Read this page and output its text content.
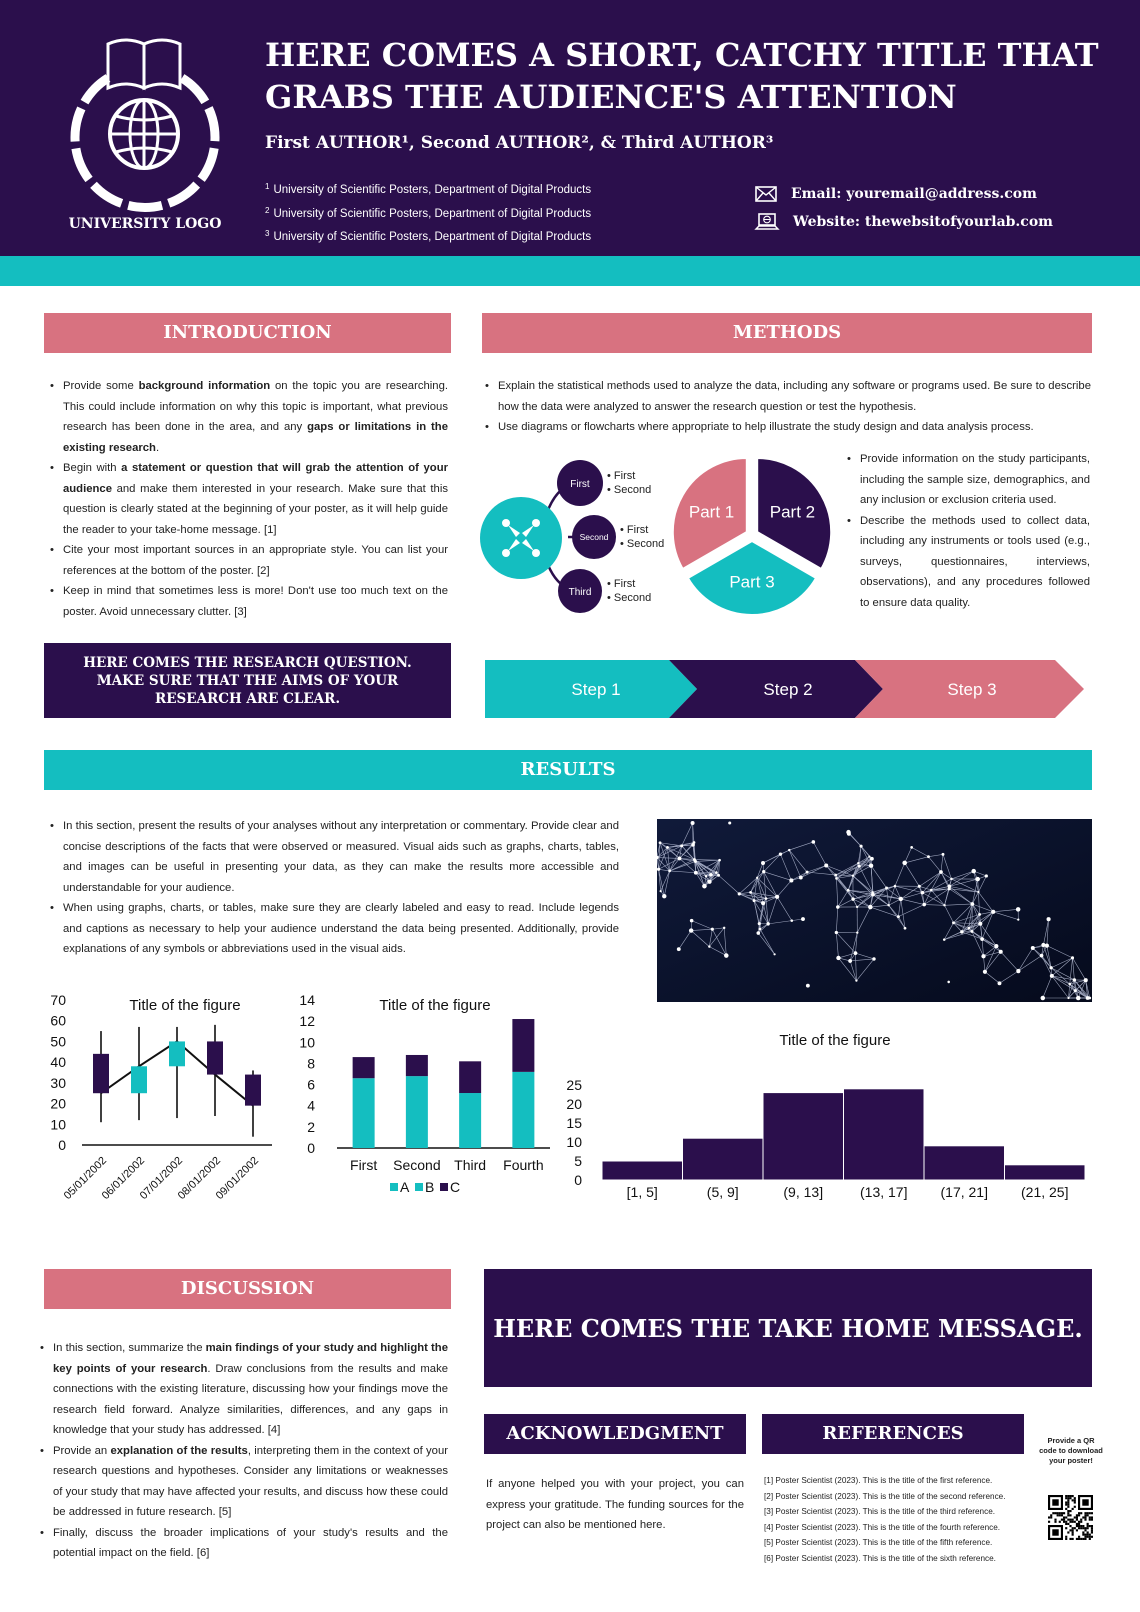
UNIVERSITY LOGO
HERE COMES A SHORT, CATCHY TITLE THAT GRABS THE AUDIENCE'S ATTENTION
First AUTHOR¹, Second AUTHOR², & Third AUTHOR³
$^1$ University of Scientific Posters, Department of Digital Products
$^2$ University of Scientific Posters, Department of Digital Products
$^3$ University of Scientific Posters, Department of Digital Products
Email: youremail@address.com
Website: thewebsitofyourlab.com
INTRODUCTION
• Provide some background information on the topic you are researching. This could include information on why this topic is important, what previous research has been done in the area, and any gaps or limitations in the existing research.
• Begin with a statement or question that will grab the attention of your audience and make them interested in your research. Make sure that this question is clearly stated at the beginning of your poster, as it will help guide the reader to your take-home message. [1]
• Cite your most important sources in an appropriate style. You can list your references at the bottom of the poster. [2]
• Keep in mind that sometimes less is more! Don't use too much text on the poster. Avoid unnecessary clutter. [3]
HERE COMES THE RESEARCH QUESTION. MAKE SURE THAT THE AIMS OF YOUR RESEARCH ARE CLEAR.
METHODS
• Explain the statistical methods used to analyze the data, including any software or programs used. Be sure to describe how the data were analyzed to answer the research question or test the hypothesis.
• Use diagrams or flowcharts where appropriate to help illustrate the study design and data analysis process.
First
Second
Third
• First
• Second
• First
• Second
• First
• Second
Part 1 Part 2
Part 3
• Provide information on the study participants, including the sample size, demographics, and any inclusion or exclusion criteria used.
• Describe the methods used to collect data, including any instruments or tools used (e.g., surveys, questionnaires, interviews, observations), and any procedures followed to ensure data quality.
Step 1	Step 2	Step 3
RESULTS
• In this section, present the results of your analyses without any interpretation or commentary. Provide clear and concise descriptions of the facts that were observed or measured. Visual aids such as graphs, charts, tables, and images can be useful in presenting your data, as they can make the results more accessible and understandable for your audience.
• When using graphs, charts, or tables, make sure they are clearly labeled and easy to read. Include legends and captions as necessary to help your audience understand the data being presented. Additionally, provide explanations of any symbols or abbreviations used in the visual aids.
Title of the figure
0
10
20
30
40
50
60
70
05/01/2002
06/01/2002
07/01/2002
08/01/2002
09/01/2002
Title of the figure
0
2
4
6
8
10
12
14
First Second Third Fourth
A B C
Title of the figure
0
5
10
15
20
25
[1, 5]	(5, 9]	(9, 13]	(13, 17] (17, 21] (21, 25]
DISCUSSION
• In this section, summarize the main findings of your study and highlight the key points of your research. Draw conclusions from the results and make connections with the existing literature, discussing how your findings move the research field forward. Analyze similarities, differences, and any gaps in knowledge that your study has addressed. [4]
• Provide an explanation of the results, interpreting them in the context of your research questions and hypotheses. Consider any limitations or weaknesses of your study that may have affected your results, and discuss how these could be addressed in future research. [5]
• Finally, discuss the broader implications of your study's results and the potential impact on the field. [6]
HERE COMES THE TAKE HOME MESSAGE.
ACKNOWLEDGMENT
If anyone helped you with your project, you can express your gratitude. The funding sources for the project can also be mentioned here.
REFERENCES
[1] Poster Scientist (2023). This is the title of the first reference.
[2] Poster Scientist (2023). This is the title of the second reference.
[3] Poster Scientist (2023). This is the title of the third reference.
[4] Poster Scientist (2023). This is the title of the fourth reference.
[5] Poster Scientist (2023). This is the title of the fifth reference.
[6] Poster Scientist (2023). This is the title of the sixth reference.
Provide a QR code to download your poster!
